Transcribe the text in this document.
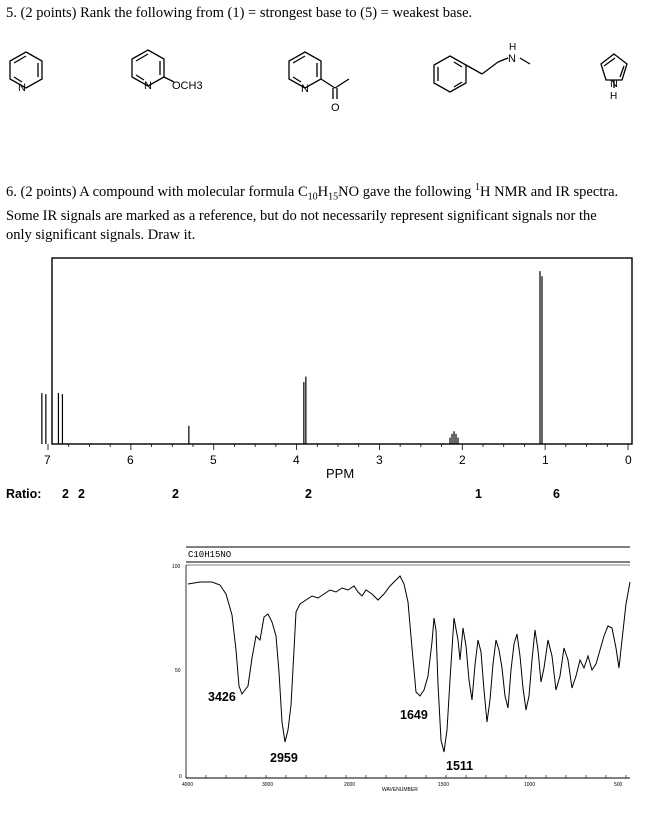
5. (2 points) Rank the following from (1) = strongest base to (5) = weakest base.
6. (2 points) A compound with molecular formula $C_{10}H_{15}NO$ gave the following $^1$H NMR and IR spectra.
Some IR signals are marked as a reference, but do not necessarily represent significant signals nor the
only significant signals. Draw it.
N	N OCH3	N
O
H
N
N
H
7	6	5	4	3	2	1	0
PPM
C10H15NO
100
50
0
4000	3000	2000	1500	1000	500
WAVENUMBER
3426
2959
1649
1511
Ratio: 2 2	2	2	1	6
